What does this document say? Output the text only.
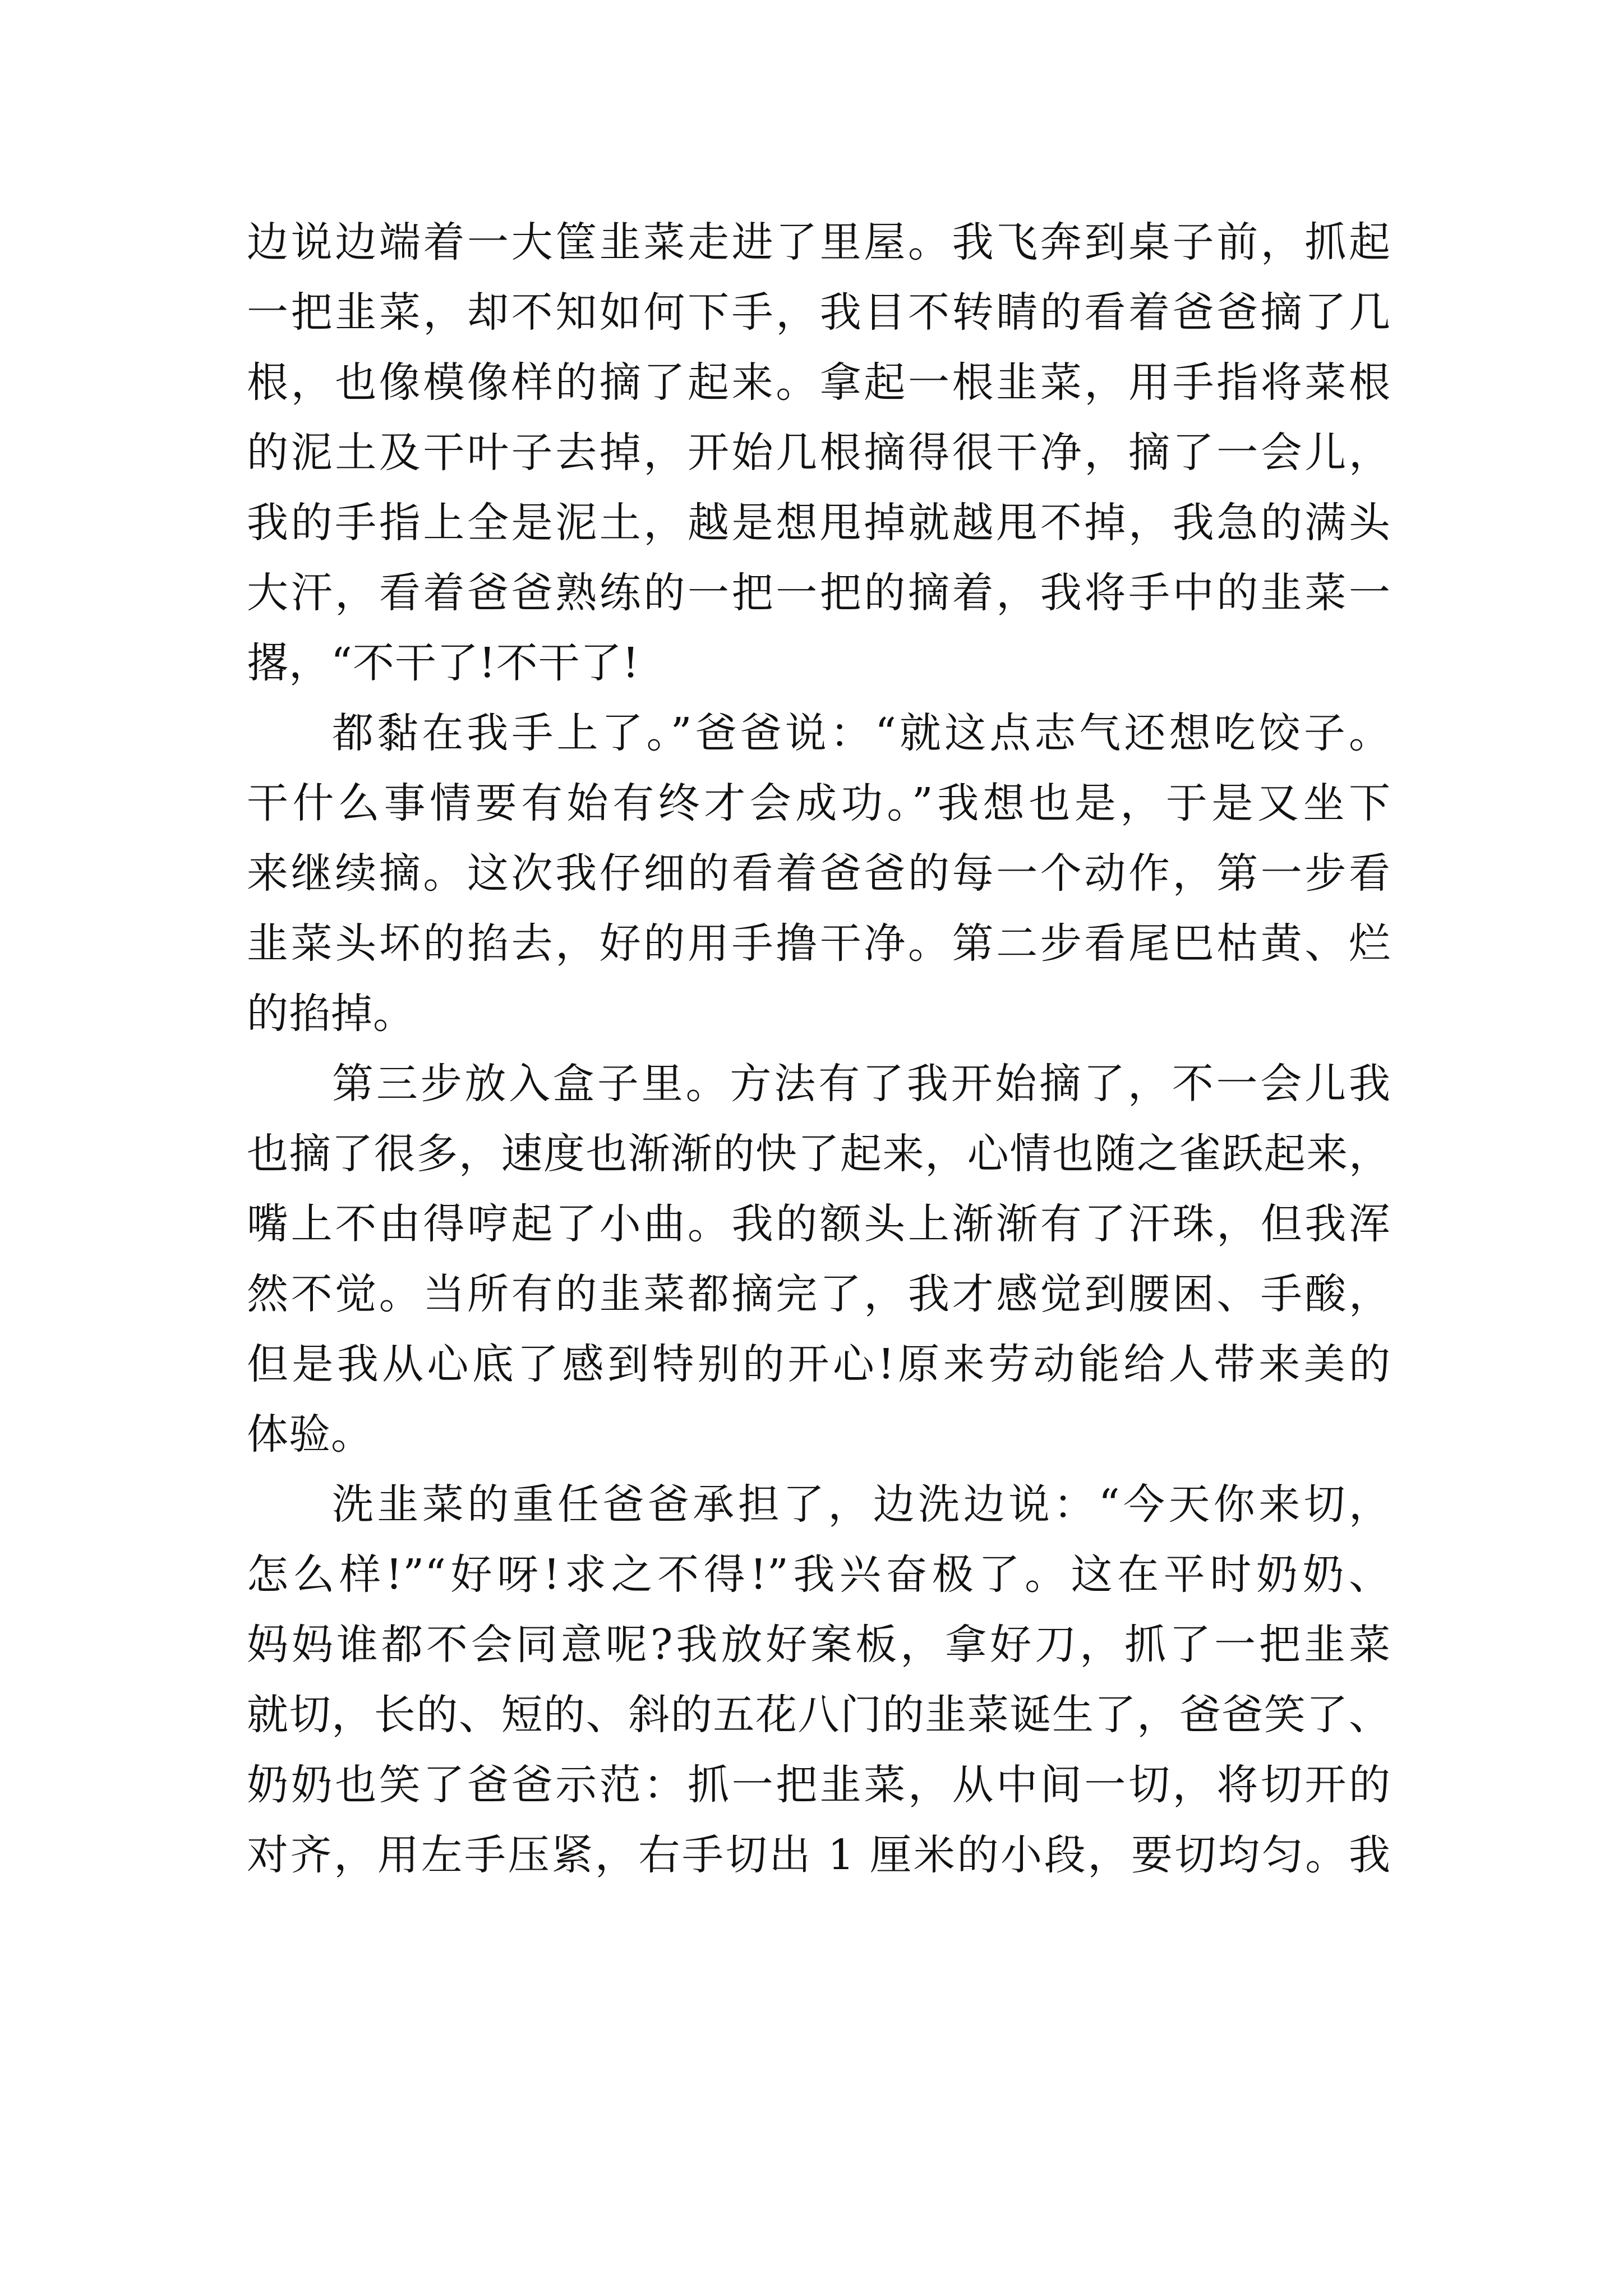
边说边端着一大筐韭菜走进了里屋。我飞奔到桌子前，抓起
一把韭菜，却不知如何下手，我目不转睛的看着爸爸摘了几
根，也像模像样的摘了起来。拿起一根韭菜，用手指将菜根
的泥土及干叶子去掉，开始几根摘得很干净，摘了一会儿，
我的手指上全是泥土，越是想甩掉就越甩不掉，我急的满头
大汗，看着爸爸熟练的一把一把的摘着，我将手中的韭菜一
撂，“不干了!不干了!
都黏在我手上了。”爸爸说：“就这点志气还想吃饺子。
干什么事情要有始有终才会成功。”我想也是，于是又坐下
来继续摘。这次我仔细的看着爸爸的每一个动作，第一步看
韭菜头坏的掐去，好的用手撸干净。第二步看尾巴枯黄、烂
的掐掉。
第三步放入盒子里。方法有了我开始摘了，不一会儿我
也摘了很多，速度也渐渐的快了起来，心情也随之雀跃起来，
嘴上不由得哼起了小曲。我的额头上渐渐有了汗珠，但我浑
然不觉。当所有的韭菜都摘完了，我才感觉到腰困、手酸，
但是我从心底了感到特别的开心!原来劳动能给人带来美的
体验。
洗韭菜的重任爸爸承担了，边洗边说：“今天你来切，
怎么样!”“好呀!求之不得!”我兴奋极了。这在平时奶奶、
妈妈谁都不会同意呢?我放好案板，拿好刀，抓了一把韭菜
就切，长的、短的、斜的五花八门的韭菜诞生了，爸爸笑了、
奶奶也笑了爸爸示范：抓一把韭菜，从中间一切，将切开的
对齐，用左手压紧，右手切出 1 厘米的小段，要切均匀。我
